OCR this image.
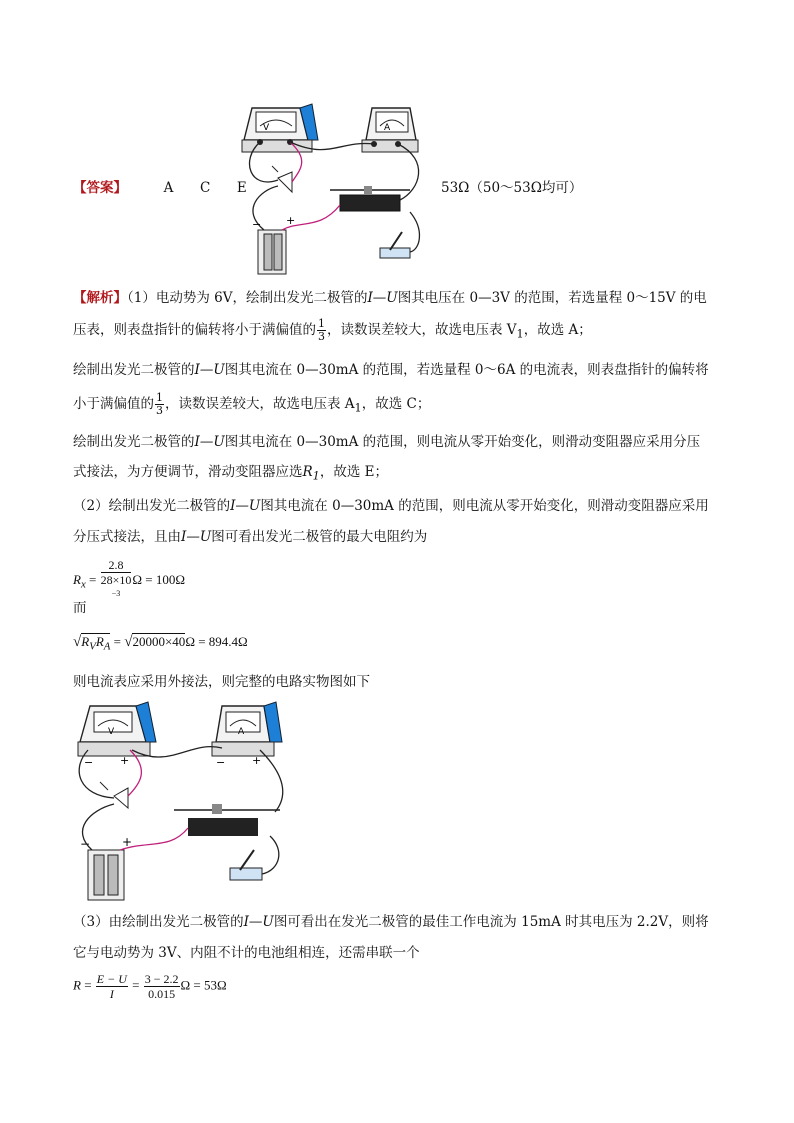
【答案】	A C E	53Ω（50～53Ω均可）
V	A
− +
【解析】（1）电动势为 6V，绘制出发光二极管的I—U图其电压在 0—3V 的范围，若选量程 0～15V 的电
压表，则表盘指针的偏转将小于满偏值的 $\frac{1}{3}$ ，读数误差较大，故选电压表 $V_1$，故选 A；
绘制出发光二极管的I—U图其电流在 0—30mA 的范围，若选量程 0～6A 的电流表，则表盘指针的偏转将
小于满偏值的 $\frac{1}{3}$ ，读数误差较大，故选电压表 $A_1$，故选 C；
绘制出发光二极管的I—U图其电流在 0—30mA 的范围，则电流从零开始变化，则滑动变阻器应采用分压
式接法，为方便调节，滑动变阻器应选$R_1$，故选 E；
（2）绘制出发光二极管的I—U图其电流在 0—30mA 的范围，则电流从零开始变化，则滑动变阻器应采用
分压式接法，且由I—U图可看出发光二极管的最大电阻约为
$R_x = 2.8$
28×10
$^{-3}$ Ω = 100Ω
而
$√R_VR_A = √20000\times 40\Omega = 894.4\Omega$
则电流表应采用外接法，则完整的电路实物图如下
V
− +
A
− +
−	+
（3）由绘制出发光二极管的I—U图可看出在发光二极管的最佳工作电流为 15mA 时其电压为 2.2V，则将
它与电动势为 3V、内阻不计的电池组相连，还需串联一个
$R = \frac{E - U}{I} = \frac{3 - 2.2}{0.015}$ Ω = 53Ω
